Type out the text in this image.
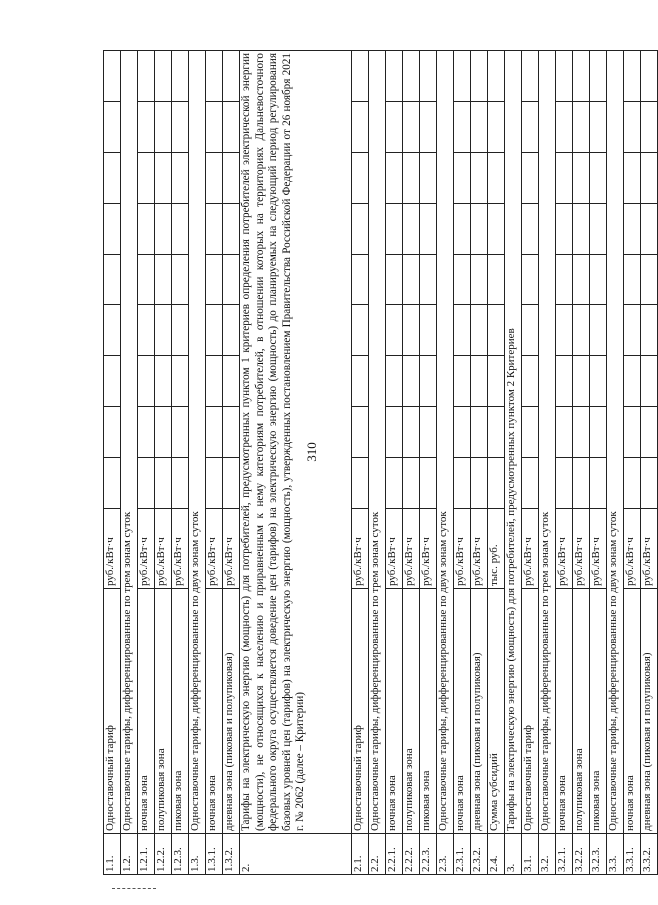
310
1.1.	Одноставочный тариф	руб./кВт·ч									
1.2.	Одноставочные тарифы, дифференцированные по трем зонам суток										
1.2.1.	ночная зона	руб./кВт·ч									
1.2.2.	полупиковая зона	руб./кВт·ч									
1.2.3.	пиковая зона	руб./кВт·ч									
1.3.	Одноставочные тарифы, дифференцированные по двум зонам суток										
1.3.1.	ночная зона	руб./кВт·ч									
1.3.2.	дневная зона (пиковая и полупиковая)	руб./кВт·ч									
2.	Тарифы на электрическую энергию (мощность) для потребителей, предусмотренных пунктом 1 критериев определения потребителей электрической энергии (мощности), не относящихся к населению и приравненным к нему категориям потребителей, в отношении которых на территориях Дальневосточного федерального округа осуществляется доведение цен (тарифов) на электрическую энергию (мощность) до планируемых на следующий период регулирования базовых уровней цен (тарифов) на электрическую энергию (мощность), утвержденных постановлением Правительства Российской Федерации от 26 ноября 2021 г. № 2062 (далее – Критерии)										
2.1.	Одноставочный тариф	руб./кВт·ч									
2.2.	Одноставочные тарифы, дифференцированные по трем зонам суток										
2.2.1.	ночная зона	руб./кВт·ч									
2.2.2.	полупиковая зона	руб./кВт·ч									
2.2.3.	пиковая зона	руб./кВт·ч									
2.3.	Одноставочные тарифы, дифференцированные по двум зонам суток										
2.3.1.	ночная зона	руб./кВт·ч									
2.3.2.	дневная зона (пиковая и полупиковая)	руб./кВт·ч									
2.4.	Сумма субсидий	тыс. руб.									
3.	Тарифы на электрическую энергию (мощность) для потребителей, предусмотренных пунктом 2 Критериев										
3.1.	Одноставочный тариф	руб./кВт·ч									
3.2.	Одноставочные тарифы, дифференцированные по трем зонам суток										
3.2.1.	ночная зона	руб./кВт·ч									
3.2.2.	полупиковая зона	руб./кВт·ч									
3.2.3.	пиковая зона	руб./кВт·ч									
3.3.	Одноставочные тарифы, дифференцированные по двум зонам суток										
3.3.1.	ночная зона	руб./кВт·ч									
3.3.2.	дневная зона (пиковая и полупиковая)	руб./кВт·ч									
